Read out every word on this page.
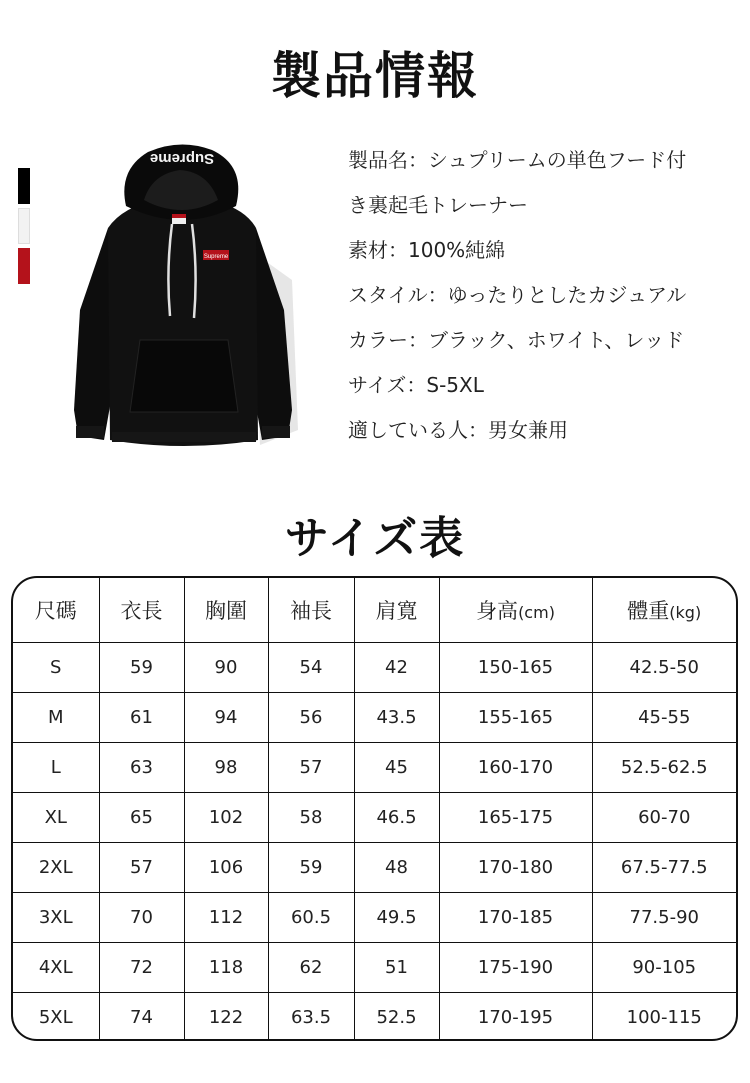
製品情報
Supreme
Supreme
製品名：シュプリームの単色フード付
き裏起毛トレーナー
素材：100%純綿
スタイル：ゆったりとしたカジュアル
カラー：ブラック、ホワイト、レッド
サイズ：S-5XL
適している人：男女兼用
サイズ表
尺碼	衣長	胸圍	袖長	肩寛	身高(cm)	體重(kg)
S	59	90	54	42	150-165	42.5-50
M	61	94	56	43.5	155-165	45-55
L	63	98	57	45	160-170	52.5-62.5
XL	65	102	58	46.5	165-175	60-70
2XL	57	106	59	48	170-180	67.5-77.5
3XL	70	112	60.5	49.5	170-185	77.5-90
4XL	72	118	62	51	175-190	90-105
5XL	74	122	63.5	52.5	170-195	100-115
